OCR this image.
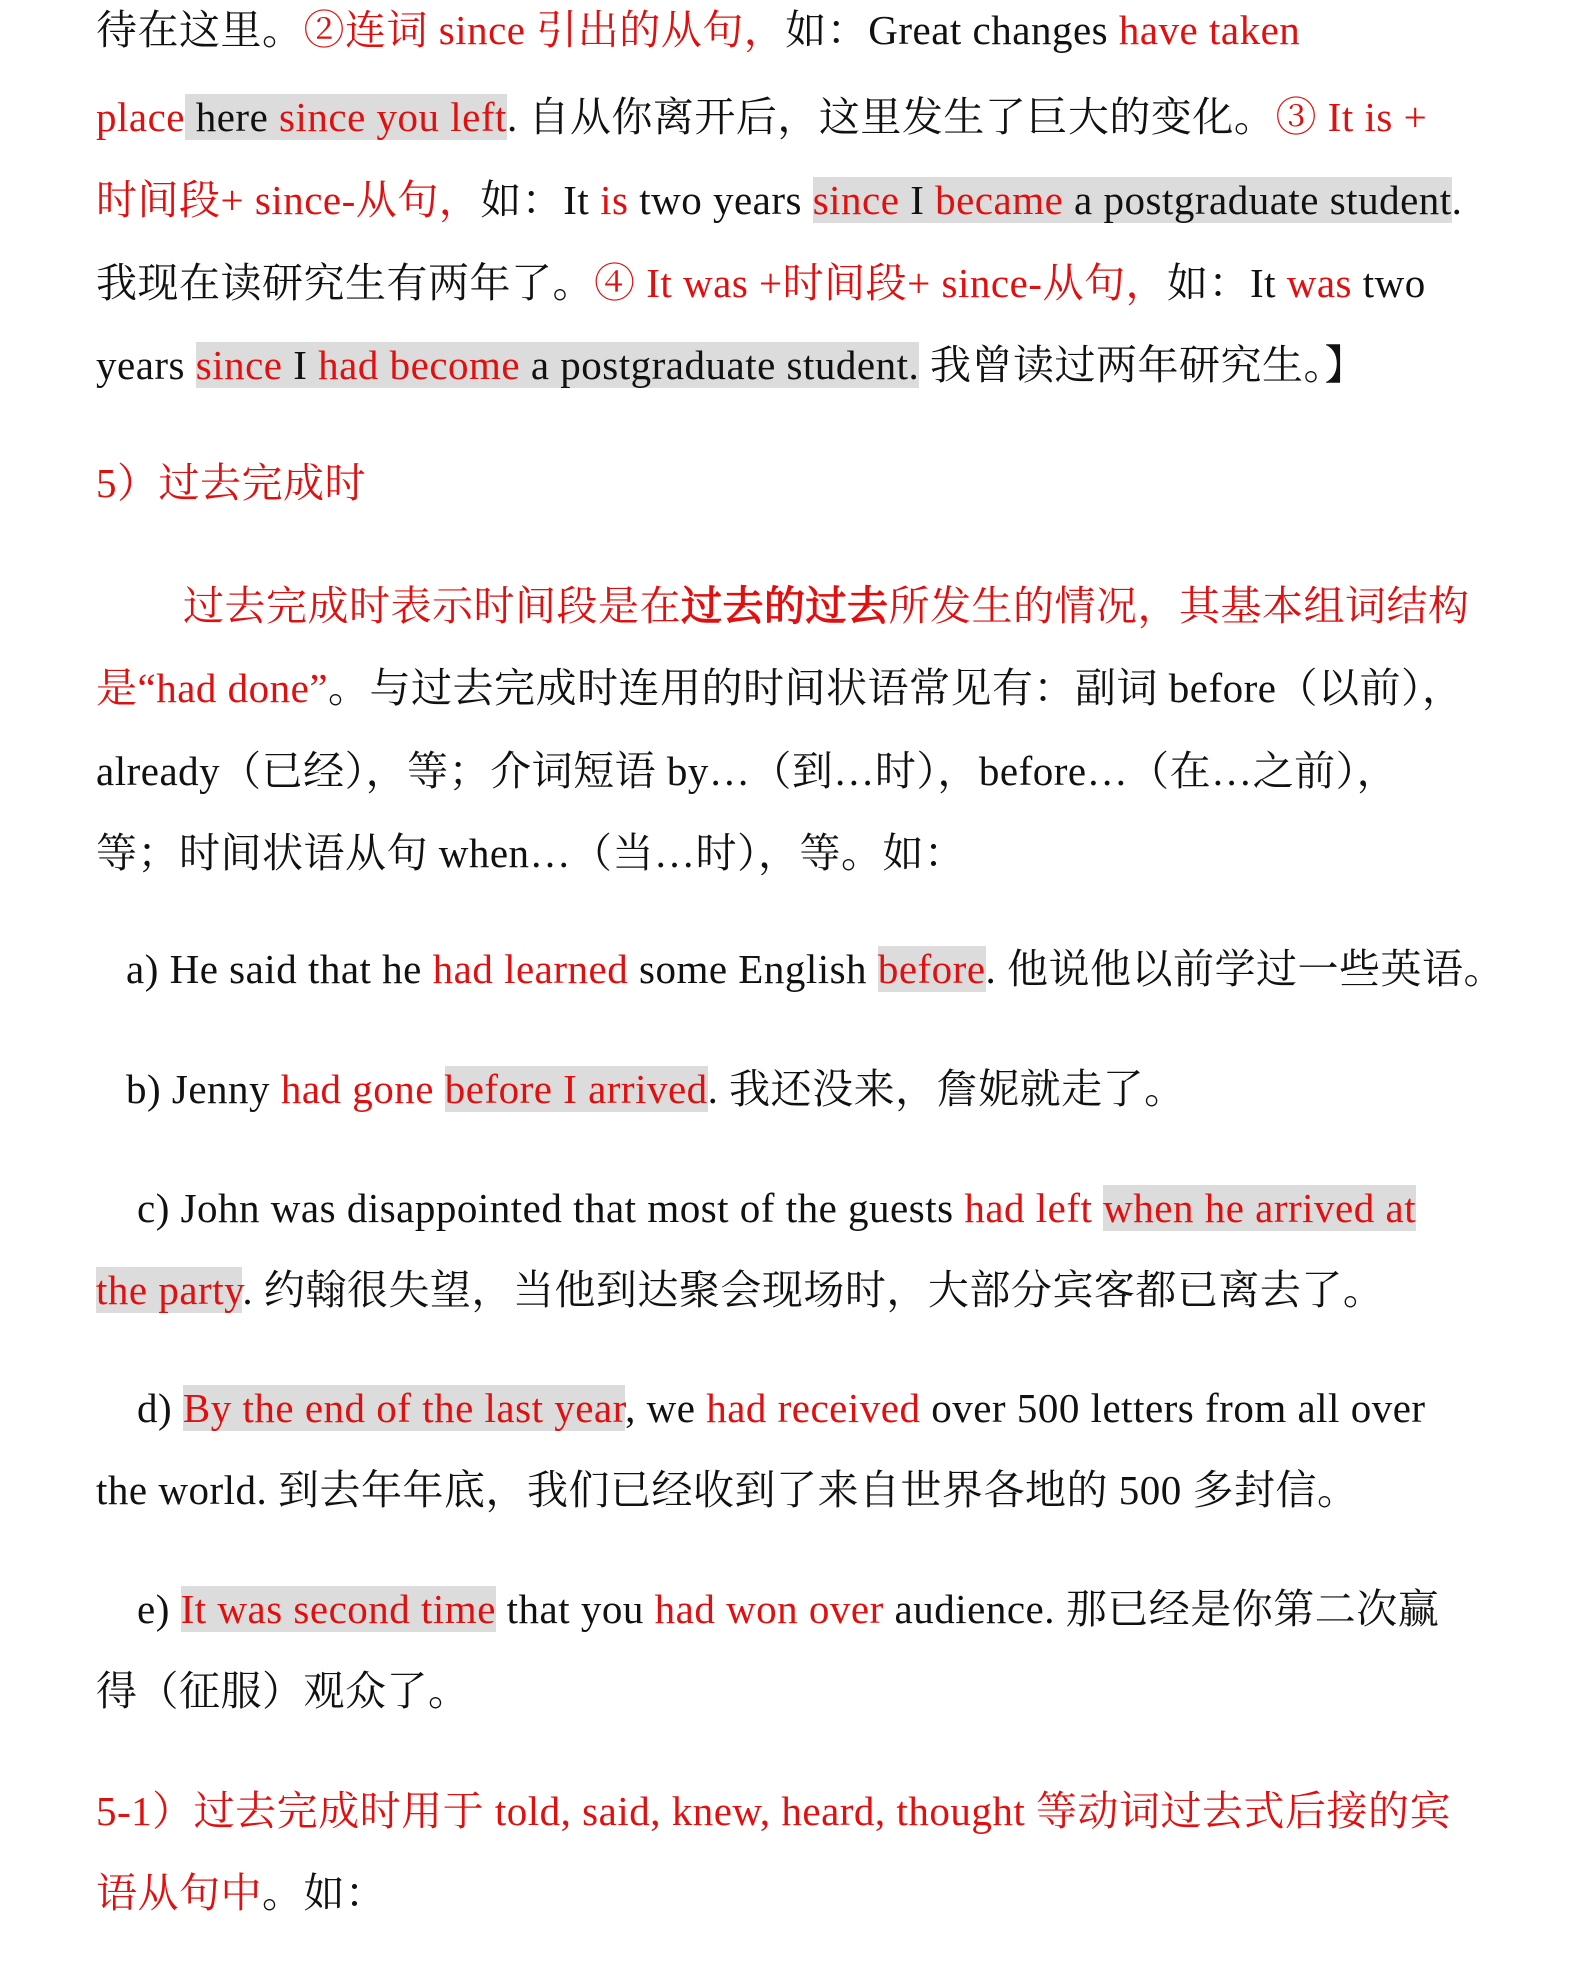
待在这里。②连词 since 引出的从句，如：Great changes have taken
place here since you left. 自从你离开后，这里发生了巨大的变化。③ It is +
时间段+ since-从句，如：It is two years since I became a postgraduate student.
我现在读研究生有两年了。④ It was +时间段+ since-从句，如：It was two
years since I had become a postgraduate student. 我曾读过两年研究生。】
5）过去完成时
过去完成时表示时间段是在过去的过去所发生的情况，其基本组词结构
是“had done”。与过去完成时连用的时间状语常见有：副词 before（以前），
already（已经），等；介词短语 by…（到…时），before…（在…之前），
等；时间状语从句 when…（当…时），等。如：
a) He said that he had learned some English before. 他说他以前学过一些英语。
b) Jenny had gone before I arrived. 我还没来，詹妮就走了。
c) John was disappointed that most of the guests had left when he arrived at
the party. 约翰很失望，当他到达聚会现场时，大部分宾客都已离去了。
d) By the end of the last year, we had received over 500 letters from all over
the world. 到去年年底，我们已经收到了来自世界各地的 500 多封信。
e) It was second time that you had won over audience. 那已经是你第二次赢
得（征服）观众了。
5-1）过去完成时用于 told, said, knew, heard, thought 等动词过去式后接的宾
语从句中。如：
